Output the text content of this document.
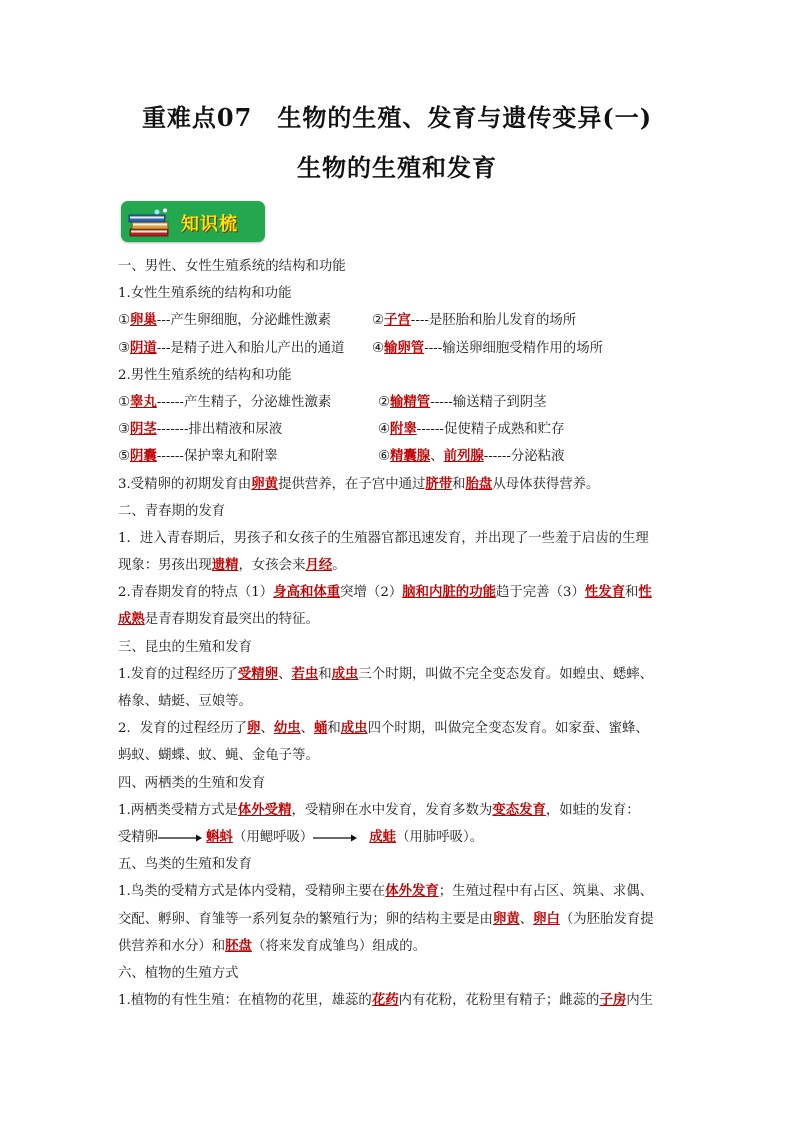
重难点07　生物的生殖、发育与遗传变异(一)
生物的生殖和发育
知识梳
一、男性、女性生殖系统的结构和功能
1.女性生殖系统的结构和功能
①卵巢---产生卵细胞，分泌雌性激素	②子宫----是胚胎和胎儿发育的场所
③阴道---是精子进入和胎儿产出的通道 ④输卵管----输送卵细胞受精作用的场所
2.男性生殖系统的结构和功能
①睾丸------产生精子，分泌雄性激素	②输精管-----输送精子到阴茎
③阴茎-------排出精液和尿液	④附睾------促使精子成熟和贮存
⑤阴囊------保护睾丸和附睾	⑥精囊腺、前列腺------分泌粘液
3.受精卵的初期发育由卵黄提供营养，在子宫中通过脐带和胎盘从母体获得营养。
二、青春期的发育
1．进入青春期后，男孩子和女孩子的生殖器官都迅速发育，并出现了一些羞于启齿的生理
现象：男孩出现遗精，女孩会来月经。
2.青春期发育的特点（1）身高和体重突增（2）脑和内脏的功能趋于完善（3）性发育和性
成熟是青春期发育最突出的特征。
三、昆虫的生殖和发育
1.发育的过程经历了受精卵、若虫和成虫三个时期，叫做不完全变态发育。如蝗虫、蟋蟀、
椿象、蜻蜓、豆娘等。
2．发育的过程经历了卵、幼虫、蛹和成虫四个时期，叫做完全变态发育。如家蚕、蜜蜂、
蚂蚁、蝴蝶、蚊、蝇、金龟子等。
四、两栖类的生殖和发育
1.两栖类受精方式是体外受精，受精卵在水中发育，发育多数为变态发育，如蛙的发育：
受精卵	蝌蚪（用鳃呼吸）	成蛙（用肺呼吸）。
五、鸟类的生殖和发育
1.鸟类的受精方式是体内受精，受精卵主要在体外发育；生殖过程中有占区、筑巢、求偶、
交配、孵卵、育雏等一系列复杂的繁殖行为；卵的结构主要是由卵黄、卵白（为胚胎发育提
供营养和水分）和胚盘（将来发育成雏鸟）组成的。
六、植物的生殖方式
1.植物的有性生殖：在植物的花里，雄蕊的花药内有花粉，花粉里有精子；雌蕊的子房内生
